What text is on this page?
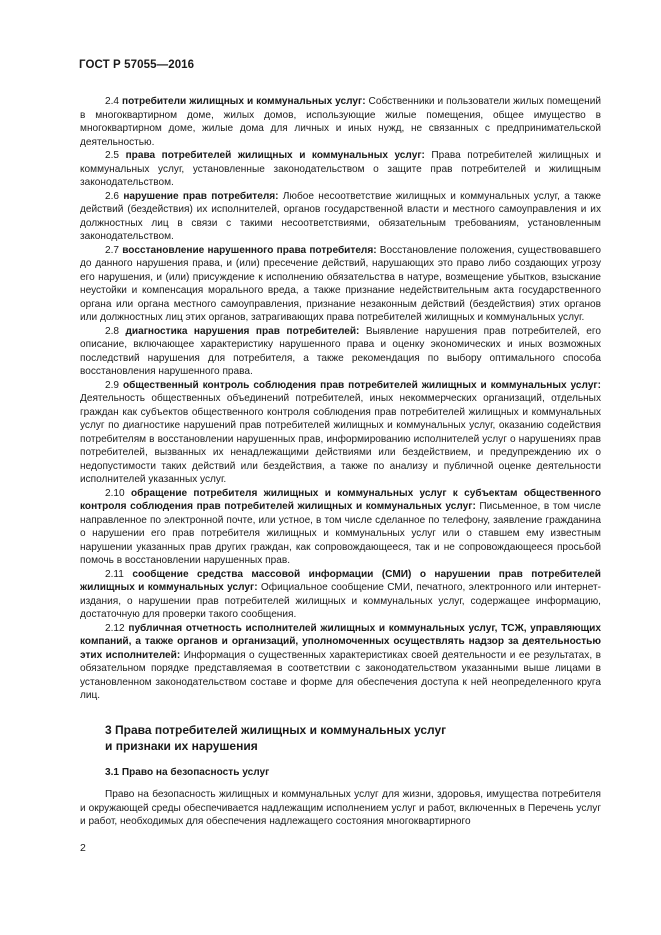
ГОСТ Р 57055—2016

2.4 потребители жилищных и коммунальных услуг: Собственники и пользователи жилых помещений в многоквартирном доме, жилых домов, использующие жилые помещения, общее имущество в многоквартирном доме, жилые дома для личных и иных нужд, не связанных с предпринимательской деятельностью.

2.5 права потребителей жилищных и коммунальных услуг: Права потребителей жилищных и коммунальных услуг, установленные законодательством о защите прав потребителей и жилищным законодательством.

2.6 нарушение прав потребителя: Любое несоответствие жилищных и коммунальных услуг, а также действий (бездействия) их исполнителей, органов государственной власти и местного самоуправления и их должностных лиц в связи с такими несоответствиями, обязательным требованиям, установленным законодательством.

2.7 восстановление нарушенного права потребителя: Восстановление положения, существовавшего до данного нарушения права, и (или) пресечение действий, нарушающих это право либо создающих угрозу его нарушения, и (или) присуждение к исполнению обязательства в натуре, возмещение убытков, взыскание неустойки и компенсация морального вреда, а также признание недействительным акта государственного органа или органа местного самоуправления, признание незаконным действий (бездействия) этих органов или должностных лиц этих органов, затрагивающих права потребителей жилищных и коммунальных услуг.

2.8 диагностика нарушения прав потребителей: Выявление нарушения прав потребителей, его описание, включающее характеристику нарушенного права и оценку экономических и иных возможных последствий нарушения для потребителя, а также рекомендация по выбору оптимального способа восстановления нарушенного права.

2.9 общественный контроль соблюдения прав потребителей жилищных и коммунальных услуг: Деятельность общественных объединений потребителей, иных некоммерческих организаций, отдельных граждан как субъектов общественного контроля соблюдения прав потребителей жилищных и коммунальных услуг по диагностике нарушений прав потребителей жилищных и коммунальных услуг, оказанию содействия потребителям в восстановлении нарушенных прав, информированию исполнителей услуг о нарушениях прав потребителей, вызванных их ненадлежащими действиями или бездействием, и предупреждению их о недопустимости таких действий или бездействия, а также по анализу и публичной оценке деятельности исполнителей указанных услуг.

2.10 обращение потребителя жилищных и коммунальных услуг к субъектам общественного контроля соблюдения прав потребителей жилищных и коммунальных услуг: Письменное, в том числе направленное по электронной почте, или устное, в том числе сделанное по телефону, заявление гражданина о нарушении его прав потребителя жилищных и коммунальных услуг или о ставшем ему известным нарушении указанных прав других граждан, как сопровождающееся, так и не сопровождающееся просьбой помочь в восстановлении нарушенных прав.

2.11 сообщение средства массовой информации (СМИ) о нарушении прав потребителей жилищных и коммунальных услуг: Официальное сообщение СМИ, печатного, электронного или интернет-издания, о нарушении прав потребителей жилищных и коммунальных услуг, содержащее информацию, достаточную для проверки такого сообщения.

2.12 публичная отчетность исполнителей жилищных и коммунальных услуг, ТСЖ, управляющих компаний, а также органов и организаций, уполномоченных осуществлять надзор за деятельностью этих исполнителей: Информация о существенных характеристиках своей деятельности и ее результатах, в обязательном порядке представляемая в соответствии с законодательством указанными выше лицами в установленном законодательством составе и форме для обеспечения доступа к ней неопределенного круга лиц.

3 Права потребителей жилищных и коммунальных услуг
и признаки их нарушения
3.1 Право на безопасность услуг

Право на безопасность жилищных и коммунальных услуг для жизни, здоровья, имущества потребителя и окружающей среды обеспечивается надлежащим исполнением услуг и работ, включенных в Перечень услуг и работ, необходимых для обеспечения надлежащего состояния многоквартирного

2
